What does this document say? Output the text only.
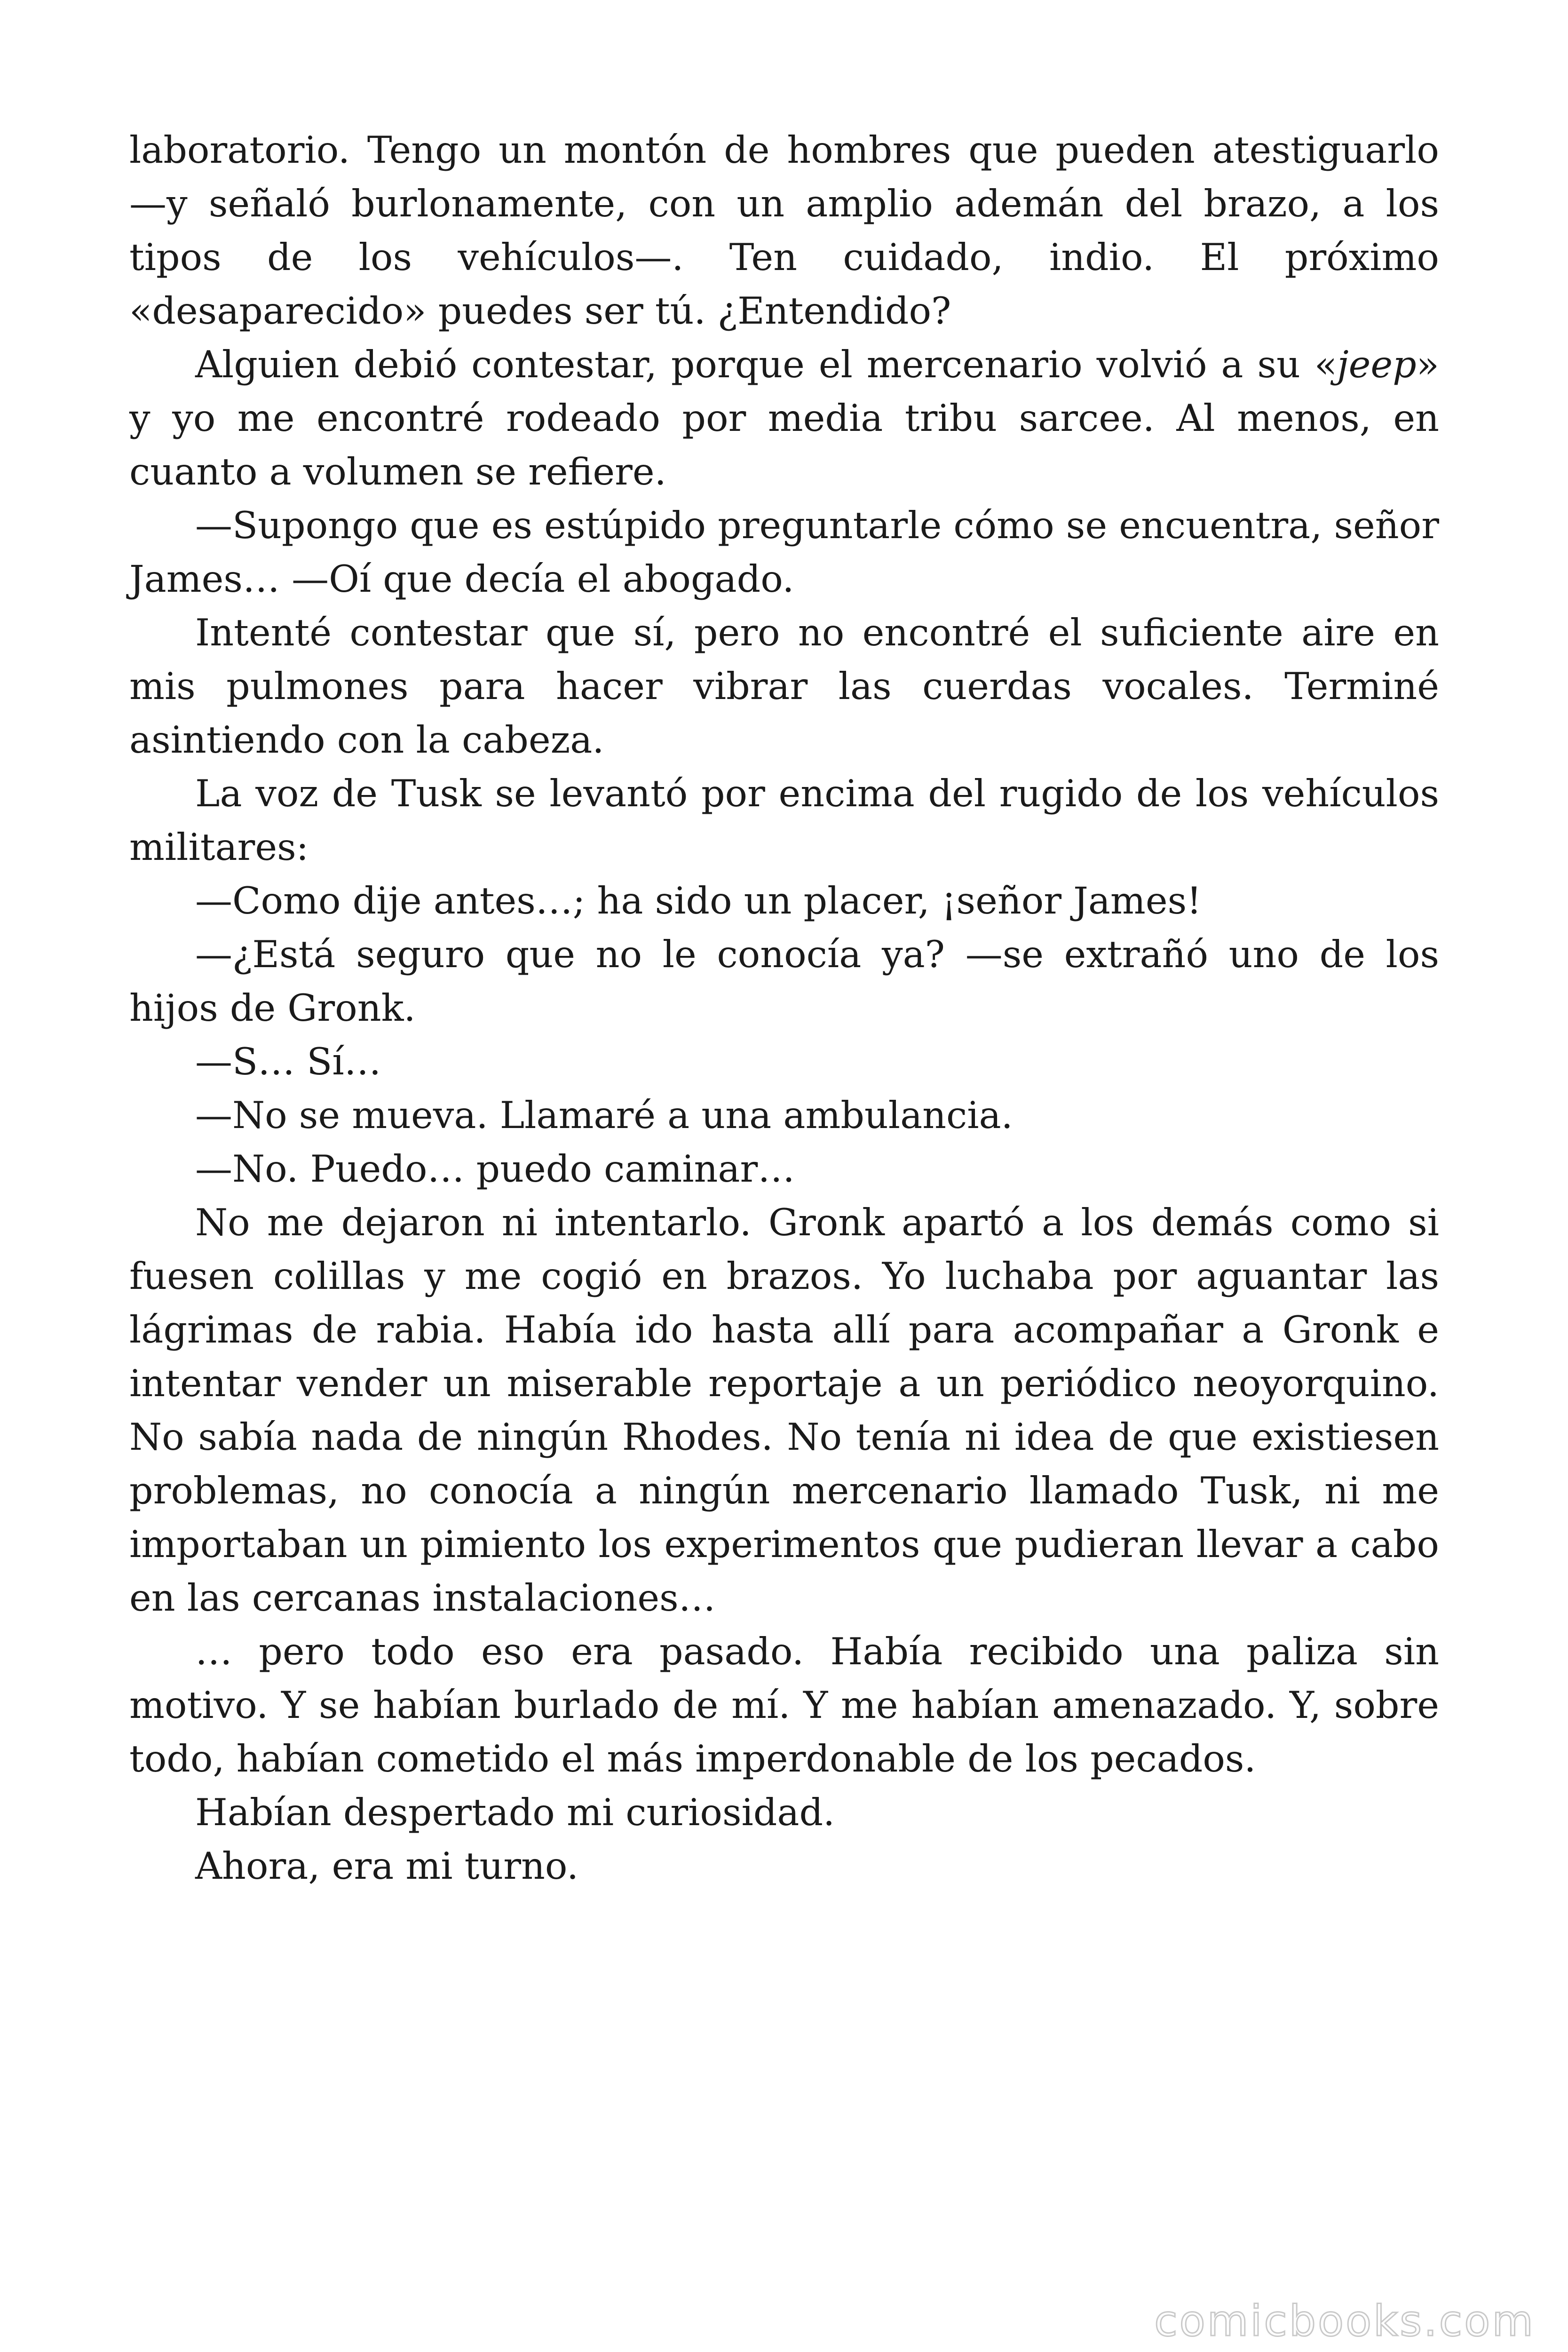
laboratorio. Tengo un montón de hombres que pueden atestiguarlo —y señaló burlonamente, con un amplio ademán del brazo, a los tipos de los vehículos—. Ten cuidado, indio. El próximo «desaparecido» puedes ser tú. ¿Entendido?

Alguien debió contestar, porque el mercenario volvió a su «jeep» y yo me encontré rodeado por media tribu sarcee. Al menos, en cuanto a volumen se refiere.

—Supongo que es estúpido preguntarle cómo se encuentra, señor James… —Oí que decía el abogado.

Intenté contestar que sí, pero no encontré el suficiente aire en mis pulmones para hacer vibrar las cuerdas vocales. Terminé asintiendo con la cabeza.

La voz de Tusk se levantó por encima del rugido de los vehículos militares:

—Como dije antes…; ha sido un placer, ¡señor James!

—¿Está seguro que no le conocía ya? —se extrañó uno de los hijos de Gronk.

—S… Sí…

—No se mueva. Llamaré a una ambulancia.

—No. Puedo… puedo caminar…

No me dejaron ni intentarlo. Gronk apartó a los demás como si fuesen colillas y me cogió en brazos. Yo luchaba por aguantar las lágrimas de rabia. Había ido hasta allí para acompañar a Gronk e intentar vender un miserable reportaje a un periódico neoyorquino. No sabía nada de ningún Rhodes. No tenía ni idea de que existiesen problemas, no conocía a ningún mercenario llamado Tusk, ni me importaban un pimiento los experimentos que pudieran llevar a cabo en las cercanas instalaciones…

… pero todo eso era pasado. Había recibido una paliza sin motivo. Y se habían burlado de mí. Y me habían amenazado. Y, sobre todo, habían cometido el más imperdonable de los pecados.

Habían despertado mi curiosidad.

Ahora, era mi turno.

comicbooks.com
